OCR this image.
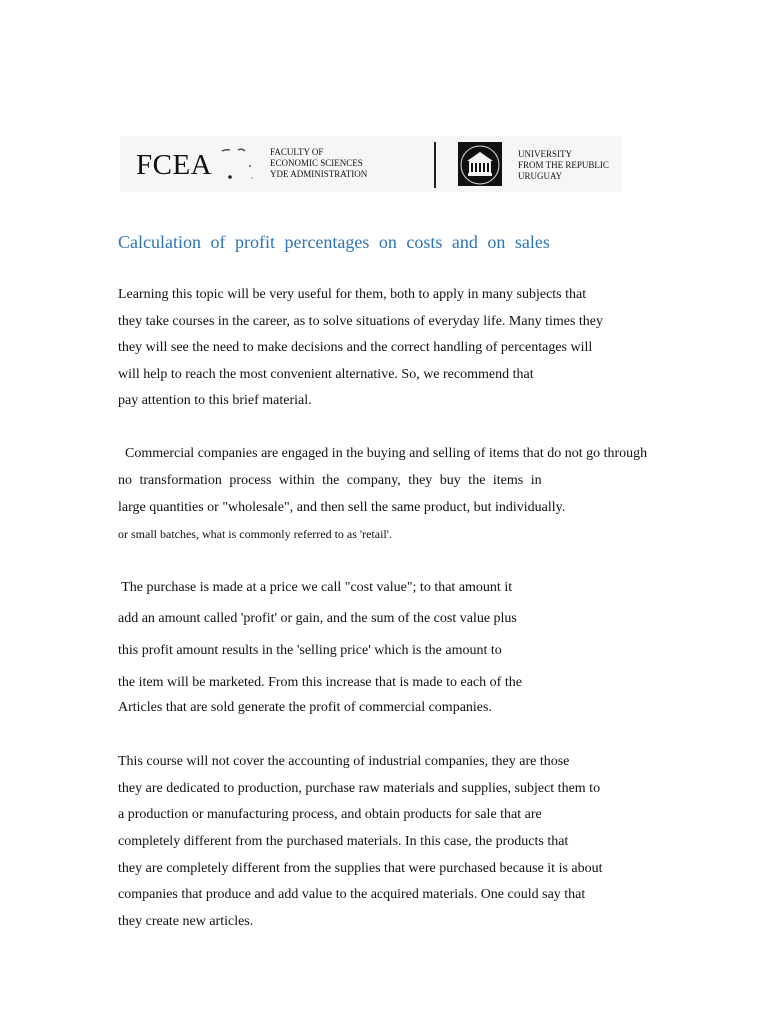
FCEA	FACULTY OF
ECONOMIC SCIENCES
YDE ADMINISTRATION
UNIVERSITY
FROM THE REPUBLIC
URUGUAY
Calculation of profit percentages on costs and on sales
Learning this topic will be very useful for them, both to apply in many subjects that
they take courses in the career, as to solve situations of everyday life. Many times they
they will see the need to make decisions and the correct handling of percentages will
will help to reach the most convenient alternative. So, we recommend that
pay attention to this brief material.
Commercial companies are engaged in the buying and selling of items that do not go through
no transformation process within the company, they buy the items in
large quantities or "wholesale", and then sell the same product, but individually.
or small batches, what is commonly referred to as 'retail'.
The purchase is made at a price we call "cost value"; to that amount it
add an amount called 'profit' or gain, and the sum of the cost value plus
this profit amount results in the 'selling price' which is the amount to
the item will be marketed. From this increase that is made to each of the
Articles that are sold generate the profit of commercial companies.
This course will not cover the accounting of industrial companies, they are those
they are dedicated to production, purchase raw materials and supplies, subject them to
a production or manufacturing process, and obtain products for sale that are
completely different from the purchased materials. In this case, the products that
they are completely different from the supplies that were purchased because it is about
companies that produce and add value to the acquired materials. One could say that
they create new articles.
